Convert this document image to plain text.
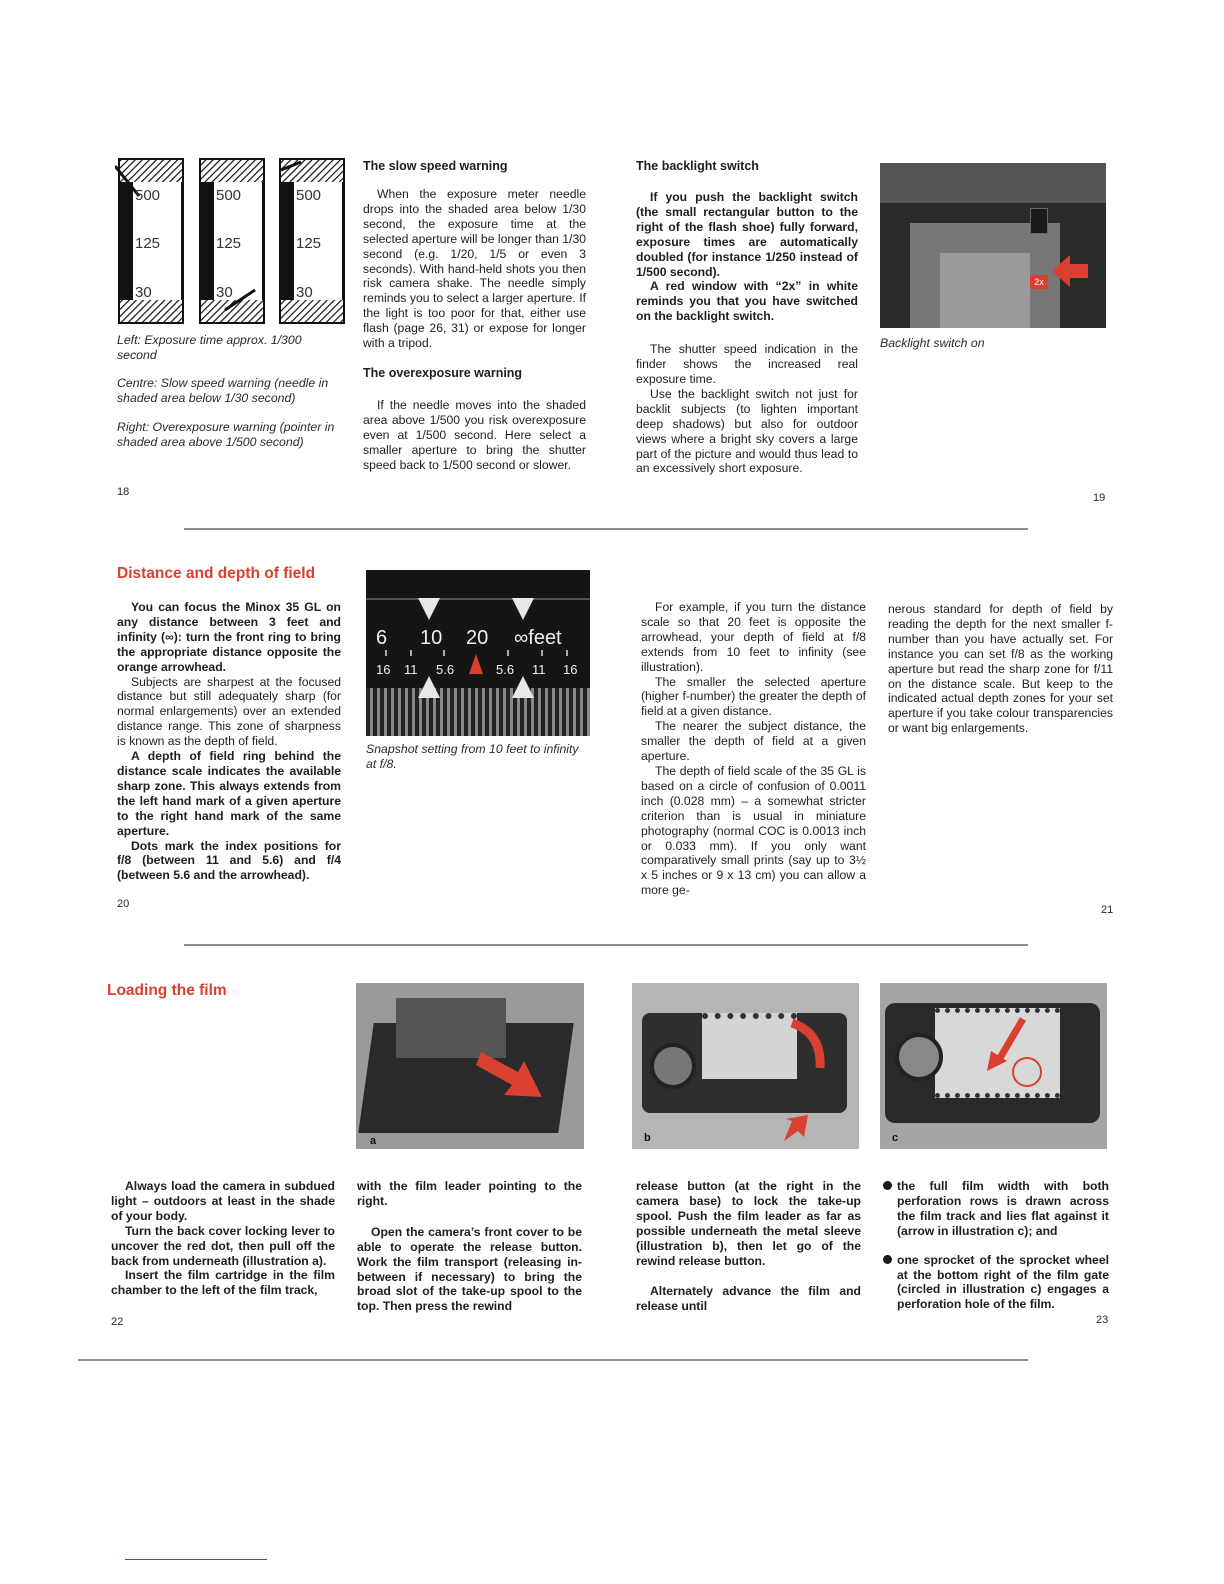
500
125
30
500
125
30
500
125
30
Left: Exposure time approx. 1/300 second
Centre: Slow speed warning (needle in shaded area below 1/30 second)
Right: Overexposure warning (pointer in shaded area above 1/500 second)
18
The slow speed warning

When the exposure meter needle drops into the shaded area below 1/30 second, the exposure time at the selected aperture will be longer than 1/30 second (e.g. 1/20, 1/5 or even 3 seconds). With hand-held shots you then risk camera shake. The needle simply reminds you to select a larger aperture. If the light is too poor for that, either use flash (page 26, 31) or expose for longer with a tripod.

The overexposure warning

If the needle moves into the shaded area above 1/500 you risk overexposure even at 1/500 second. Here select a smaller aperture to bring the shutter speed back to 1/500 second or slower.

The backlight switch

If you push the backlight switch (the small rectangular button to the right of the flash shoe) fully forward, exposure times are automatically doubled (for instance 1/250 instead of 1/500 second).

A red window with “2x” in white reminds you that you have switched on the backlight switch.

The shutter speed indication in the finder shows the increased real exposure time.

Use the backlight switch not just for backlit subjects (to lighten important deep shadows) but also for outdoor views where a bright sky covers a large part of the picture and would thus lead to an excessively short exposure.

2x
Backlight switch on
19
Distance and depth of field

You can focus the Minox 35 GL on any distance between 3 feet and infinity (∞): turn the front ring to bring the appropriate distance opposite the orange arrowhead.

Subjects are sharpest at the focused distance but still adequately sharp (for normal enlargements) over an extended distance range. This zone of sharpness is known as the depth of field.

A depth of field ring behind the distance scale indicates the available sharp zone. This always extends from the left hand mark of a given aperture to the right hand mark of the same aperture.

Dots mark the index positions for f/8 (between 11 and 5.6) and f/4 (between 5.6 and the arrowhead).

20
6 10 20 ∞feet
16 11 5.6	5.6 11 16
Snapshot setting from 10 feet to infinity at f/8.

For example, if you turn the distance scale so that 20 feet is opposite the arrowhead, your depth of field at f/8 extends from 10 feet to infinity (see illustration).

The smaller the selected aperture (higher f-number) the greater the depth of field at a given distance.

The nearer the subject distance, the smaller the depth of field at a given aperture.

The depth of field scale of the 35 GL is based on a circle of confusion of 0.0011 inch (0.028 mm) – a somewhat stricter criterion than is usual in miniature photography (normal COC is 0.0013 inch or 0.033 mm). If you only want comparatively small prints (say up to 3½ x 5 inches or 9 x 13 cm) you can allow a more ge-

nerous standard for depth of field by reading the depth for the next smaller f-number than you have actually set. For instance you can set f/8 as the working aperture but read the sharp zone for f/11 on the distance scale. But keep to the indicated actual depth zones for your set aperture if you take colour transparencies or want big enlargements.

21
Loading the film
a	b	c

Always load the camera in subdued light – outdoors at least in the shade of your body.

Turn the back cover locking lever to uncover the red dot, then pull off the back from underneath (illustration a).

Insert the film cartridge in the film chamber to the left of the film track,

22

with the film leader pointing to the right.

Open the camera’s front cover to be able to operate the release button. Work the film transport (releasing in-between if necessary) to bring the broad slot of the take-up spool to the top. Then press the rewind

release button (at the right in the camera base) to lock the take-up spool. Push the film leader as far as possible underneath the metal sleeve (illustration b), then let go of the rewind release button.

Alternately advance the film and release until

the full film width with both perforation rows is drawn across the film track and lies flat against it (arrow in illustration c); and
one sprocket of the sprocket wheel at the bottom right of the film gate (circled in illustration c) engages a perforation hole of the film.
23
